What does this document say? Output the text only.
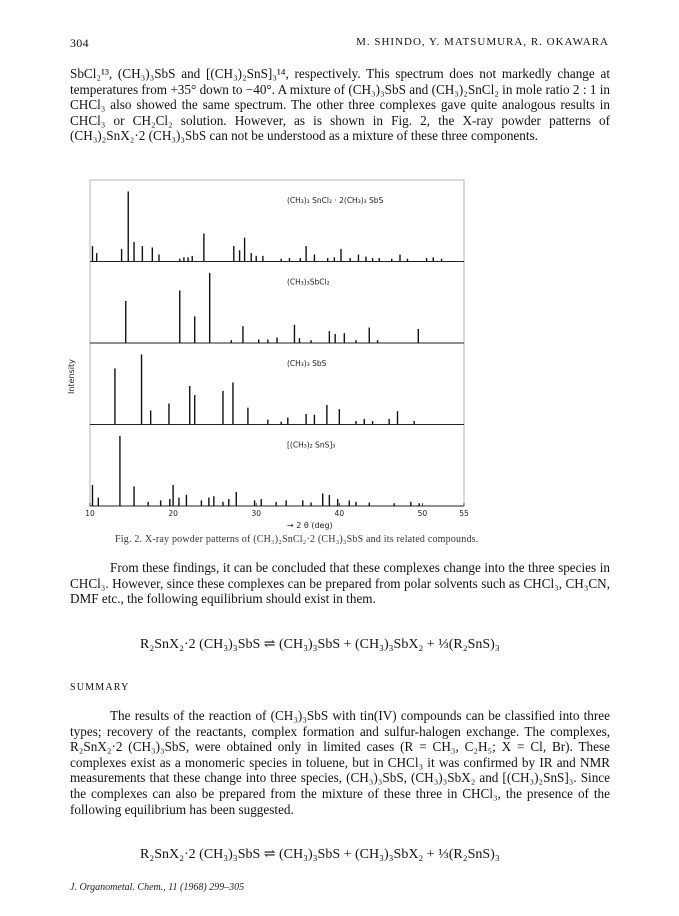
304	M. SHINDO, Y. MATSUMURA, R. OKAWARA

SbCl₂¹³, (CH₃)₃SbS and [(CH₃)₂SnS]₃¹⁴, respectively. This spectrum does not markedly change at temperatures from +35° down to −40°. A mixture of (CH₃)₃SbS and (CH₃)₂SnCl₂ in mole ratio 2 : 1 in CHCl₃ also showed the same spectrum. The other three complexes gave quite analogous results in CHCl₃ or CH₂Cl₂ solution. However, as is shown in Fig. 2, the X-ray powder patterns of (CH₃)₂SnX₂·2 (CH₃)₃SbS can not be understood as a mixture of these three components.

(CH₃)₂ SnCl₂ · 2(CH₃)₃ SbS
(CH₃)₃SbCl₂
(CH₃)₃ SbS
[(CH₃)₂ SnS]₃
10	20	30	40	50	55
Intensity
→ 2 θ (deg)
Fig. 2. X-ray powder patterns of (CH₃)₂SnCl₂·2 (CH₃)₃SbS and its related compounds.

From these findings, it can be concluded that these complexes change into the three species in CHCl₃. However, since these complexes can be prepared from polar solvents such as CHCl₃, CH₃CN, DMF etc., the following equilibrium should exist in them.

R₂SnX₂·2 (CH₃)₃SbS ⇌ (CH₃)₃SbS + (CH₃)₃SbX₂ + ⅓(R₂SnS)₃
SUMMARY

The results of the reaction of (CH₃)₃SbS with tin(IV) compounds can be classified into three types; recovery of the reactants, complex formation and sulfur-halogen exchange. The complexes, R₂SnX₂·2 (CH₃)₃SbS, were obtained only in limited cases (R = CH₃, C₂H₅; X = Cl, Br). These complexes exist as a monomeric species in toluene, but in CHCl₃ it was confirmed by IR and NMR measurements that these change into three species, (CH₃)₃SbS, (CH₃)₃SbX₂ and [(CH₃)₂SnS]₃. Since the complexes can also be prepared from the mixture of these three in CHCl₃, the presence of the following equilibrium has been suggested.

R₂SnX₂·2 (CH₃)₃SbS ⇌ (CH₃)₃SbS + (CH₃)₃SbX₂ + ⅓(R₂SnS)₃
J. Organometal. Chem., 11 (1968) 299–305
